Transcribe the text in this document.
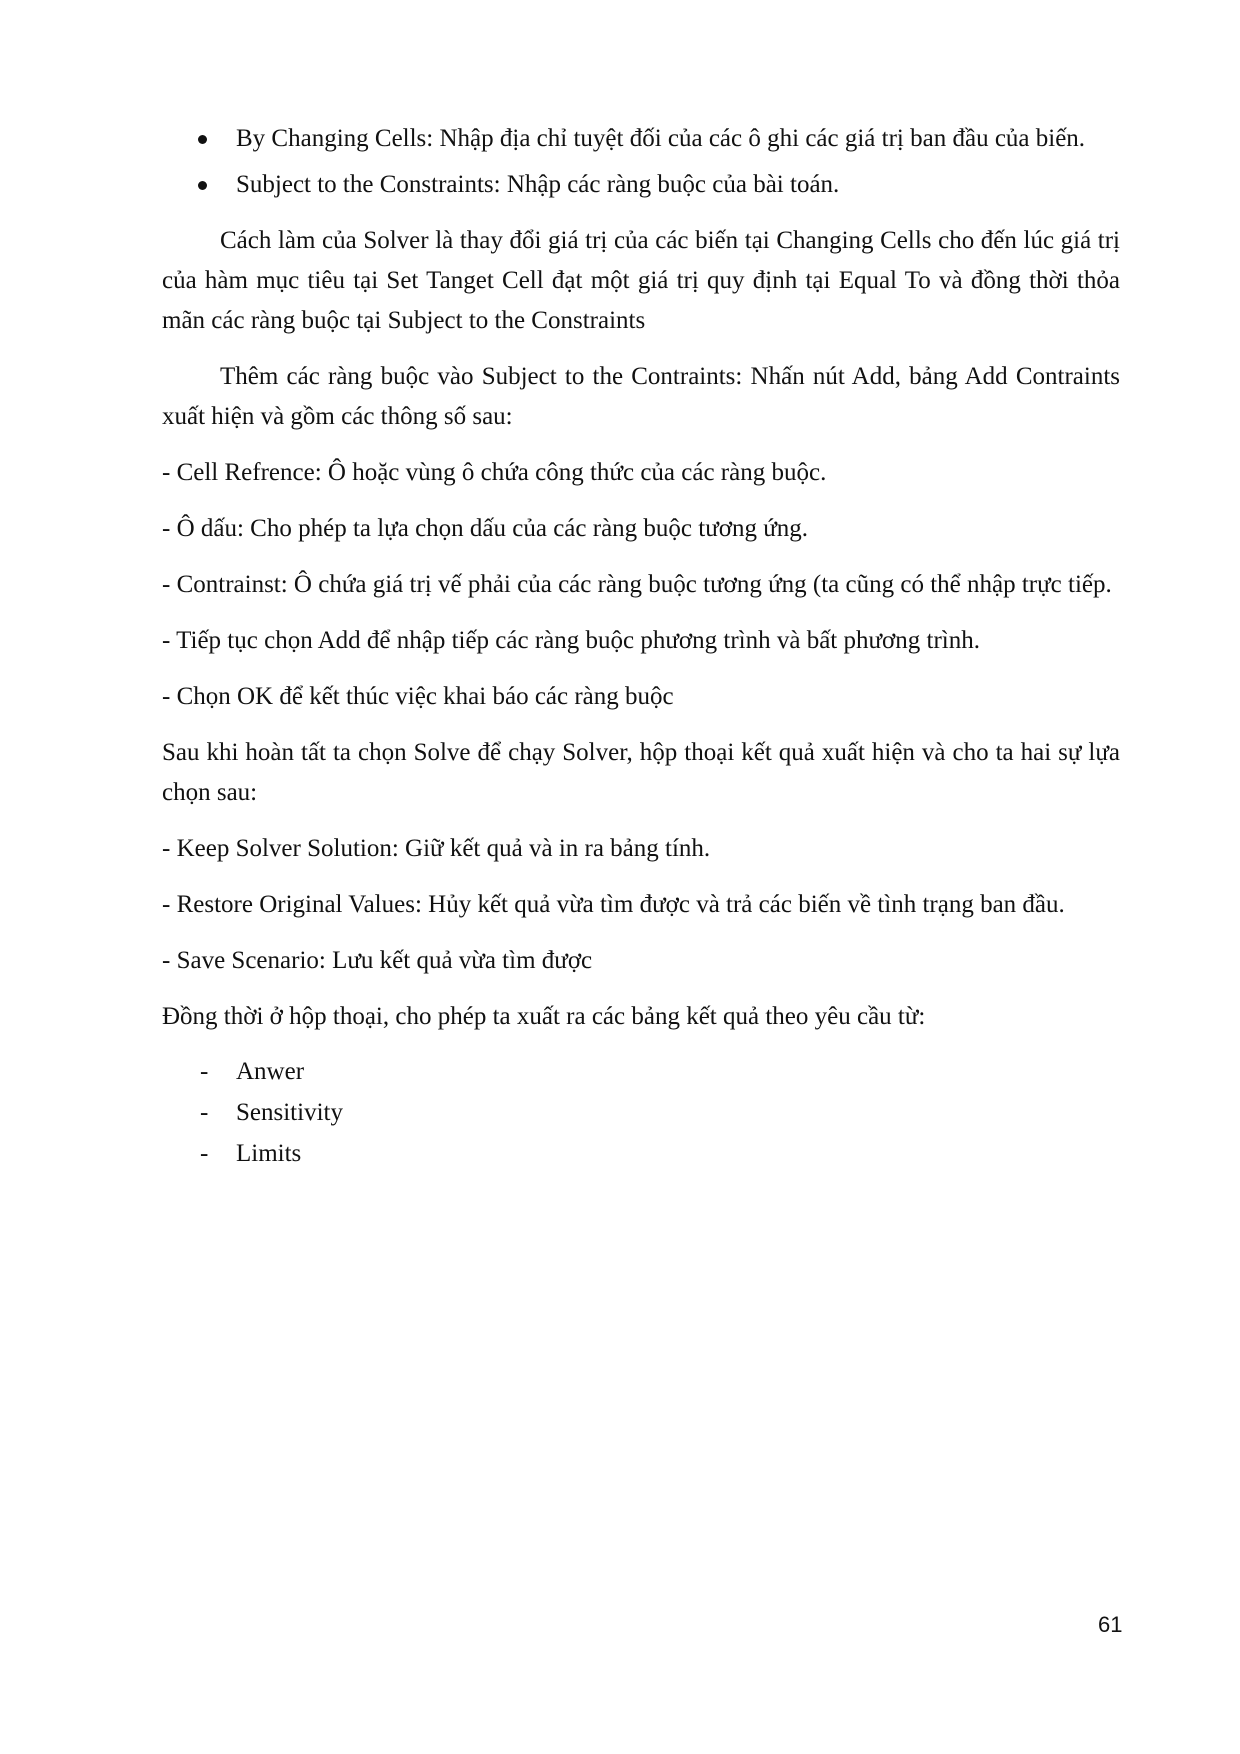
By Changing Cells: Nhập địa chỉ tuyệt đối của các ô ghi các giá trị ban đầu của biến.
Subject to the Constraints: Nhập các ràng buộc của bài toán.

Cách làm của Solver là thay đổi giá trị của các biến tại Changing Cells cho đến lúc giá trị của hàm mục tiêu tại Set Tanget Cell đạt một giá trị quy định tại Equal To và đồng thời thỏa mãn các ràng buộc tại Subject to the Constraints

Thêm các ràng buộc vào Subject to the Contraints: Nhấn nút Add, bảng Add Contraints xuất hiện và gồm các thông số sau:

- Cell Refrence: Ô hoặc vùng ô chứa công thức của các ràng buộc.

- Ô dấu: Cho phép ta lựa chọn dấu của các ràng buộc tương ứng.

- Contrainst: Ô chứa giá trị vế phải của các ràng buộc tương ứng (ta cũng có thể nhập trực tiếp.

- Tiếp tục chọn Add để nhập tiếp các ràng buộc phương trình và bất phương trình.

- Chọn OK để kết thúc việc khai báo các ràng buộc

Sau khi hoàn tất ta chọn Solve để chạy Solver, hộp thoại kết quả xuất hiện và cho ta hai sự lựa chọn sau:

- Keep Solver Solution: Giữ kết quả và in ra bảng tính.

- Restore Original Values: Hủy kết quả vừa tìm được và trả các biến về tình trạng ban đầu.

- Save Scenario: Lưu kết quả vừa tìm được

Đồng thời ở hộp thoại, cho phép ta xuất ra các bảng kết quả theo yêu cầu từ:

- Anwer
- Sensitivity
- Limits
61
